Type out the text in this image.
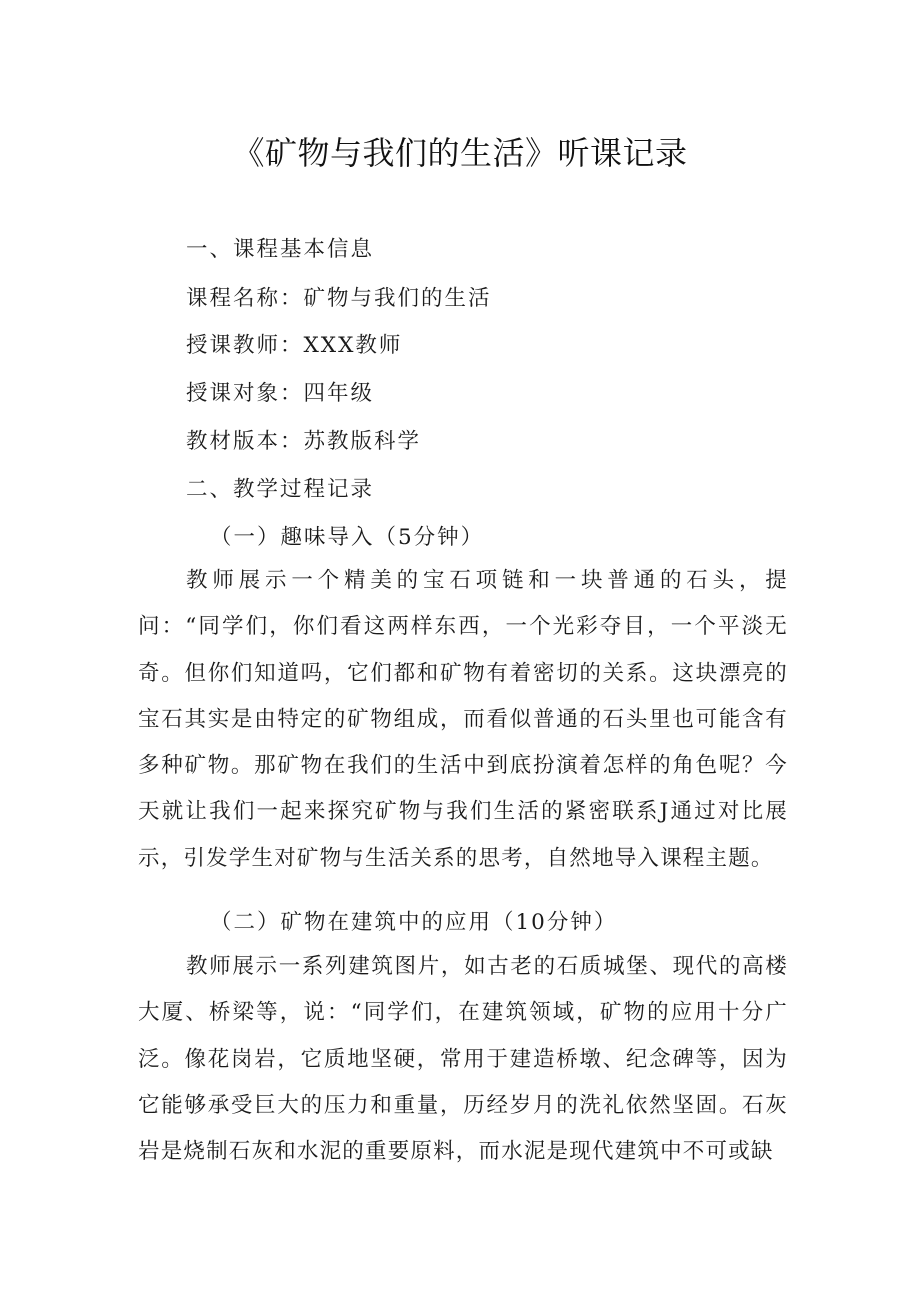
《矿物与我们的生活》听课记录
一、课程基本信息
课程名称：矿物与我们的生活
授课教师：XXX教师
授课对象：四年级
教材版本：苏教版科学
二、教学过程记录
（一）趣味导入（5分钟）

教师展示一个精美的宝石项链和一块普通的石头，提问：“同学们，你们看这两样东西，一个光彩夺目，一个平淡无奇。但你们知道吗，它们都和矿物有着密切的关系。这块漂亮的宝石其实是由特定的矿物组成，而看似普通的石头里也可能含有多种矿物。那矿物在我们的生活中到底扮演着怎样的角色呢？今天就让我们一起来探究矿物与我们生活的紧密联系J通过对比展示，引发学生对矿物与生活关系的思考，自然地导入课程主题。

（二）矿物在建筑中的应用（10分钟）

教师展示一系列建筑图片，如古老的石质城堡、现代的高楼大厦、桥梁等，说：“同学们，在建筑领域，矿物的应用十分广泛。像花岗岩，它质地坚硬，常用于建造桥墩、纪念碑等，因为它能够承受巨大的压力和重量，历经岁月的洗礼依然坚固。石灰岩是烧制石灰和水泥的重要原料，而水泥是现代建筑中不可或缺
